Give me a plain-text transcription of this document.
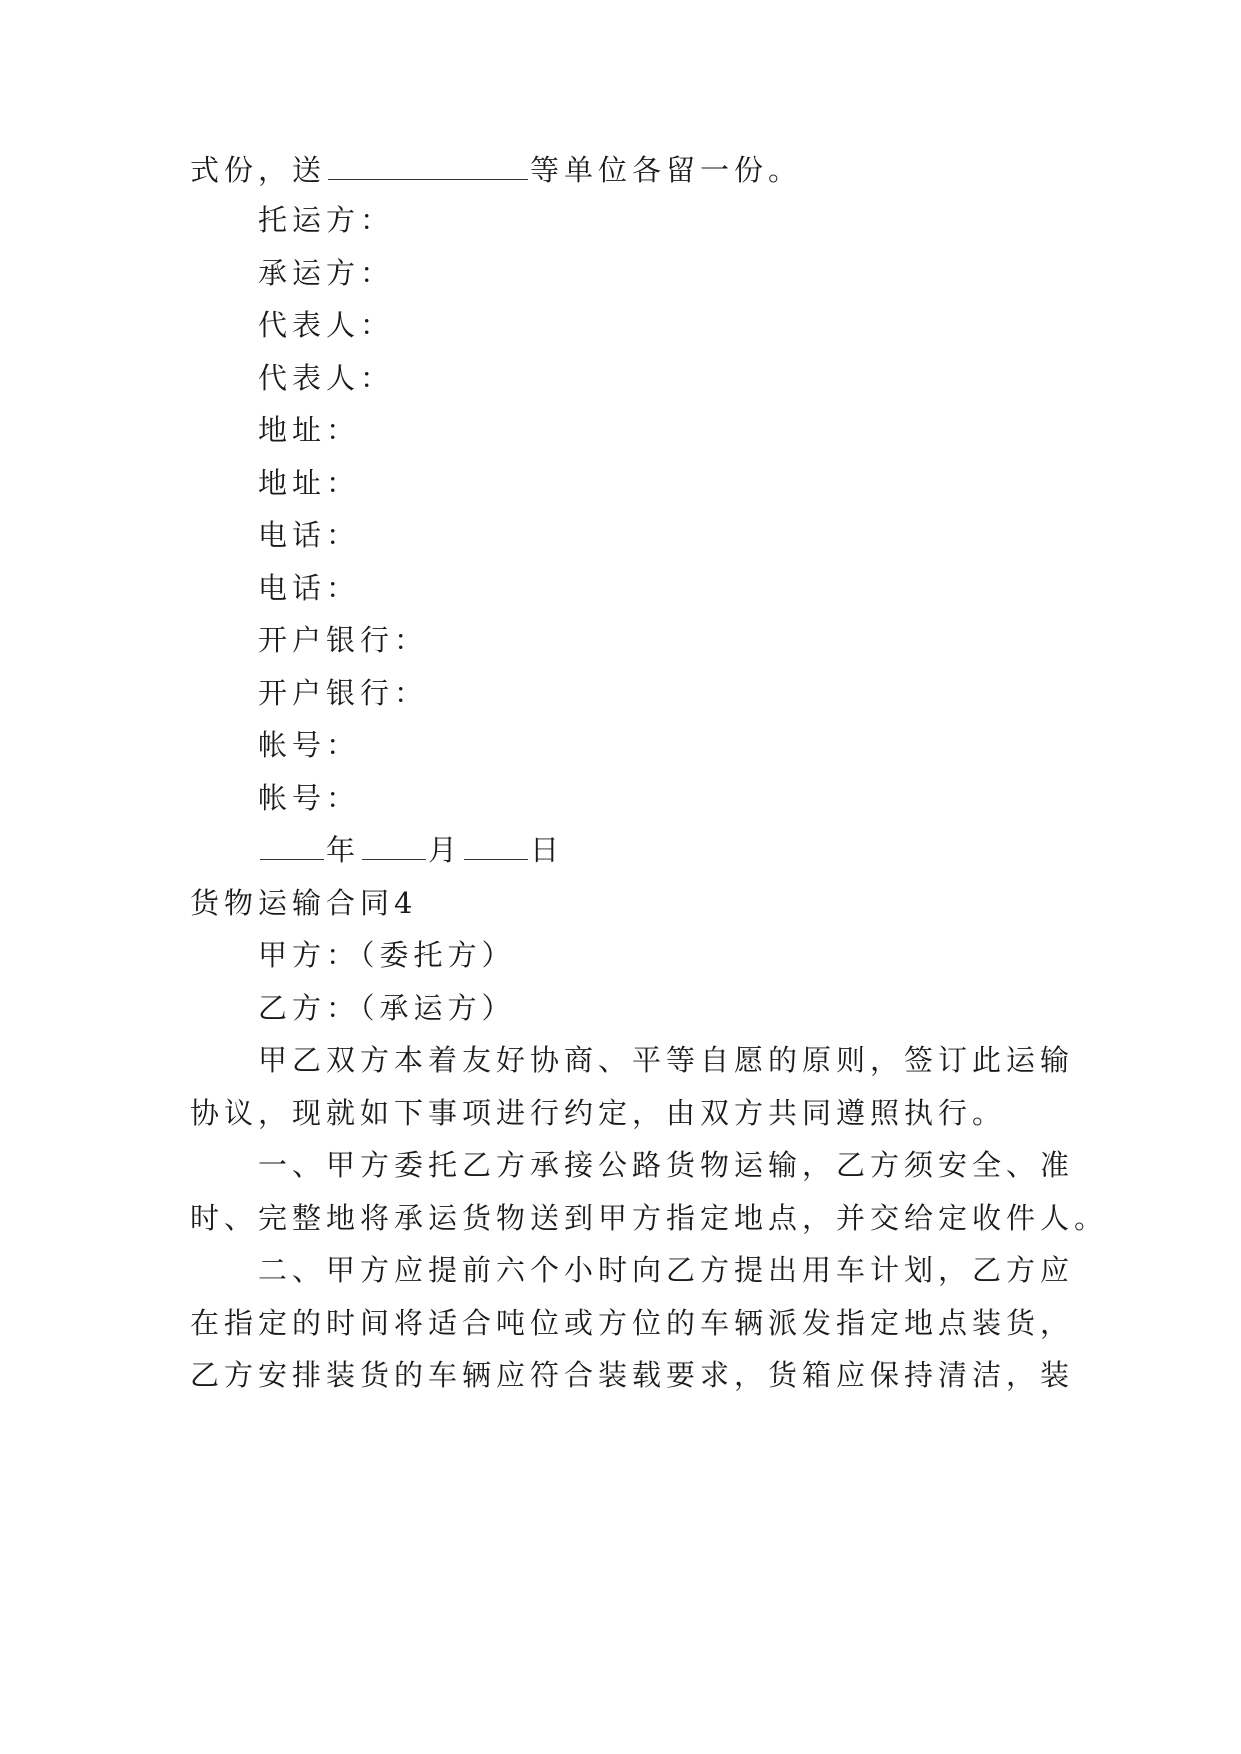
式份，送	等单位各留一份。
托运方：
承运方：
代表人：
代表人：
地址：
地址：
电话：
电话：
开户银行：
开户银行：
帐号：
帐号：
年 月 日
货物运输合同4
甲方：（委托方）
乙方：（承运方）
甲乙双方本着友好协商、平等自愿的原则，签订此运输
协议，现就如下事项进行约定，由双方共同遵照执行。
一、甲方委托乙方承接公路货物运输，乙方须安全、准
时、完整地将承运货物送到甲方指定地点，并交给定收件人。
二、甲方应提前六个小时向乙方提出用车计划，乙方应
在指定的时间将适合吨位或方位的车辆派发指定地点装货，
乙方安排装货的车辆应符合装载要求，货箱应保持清洁，装
